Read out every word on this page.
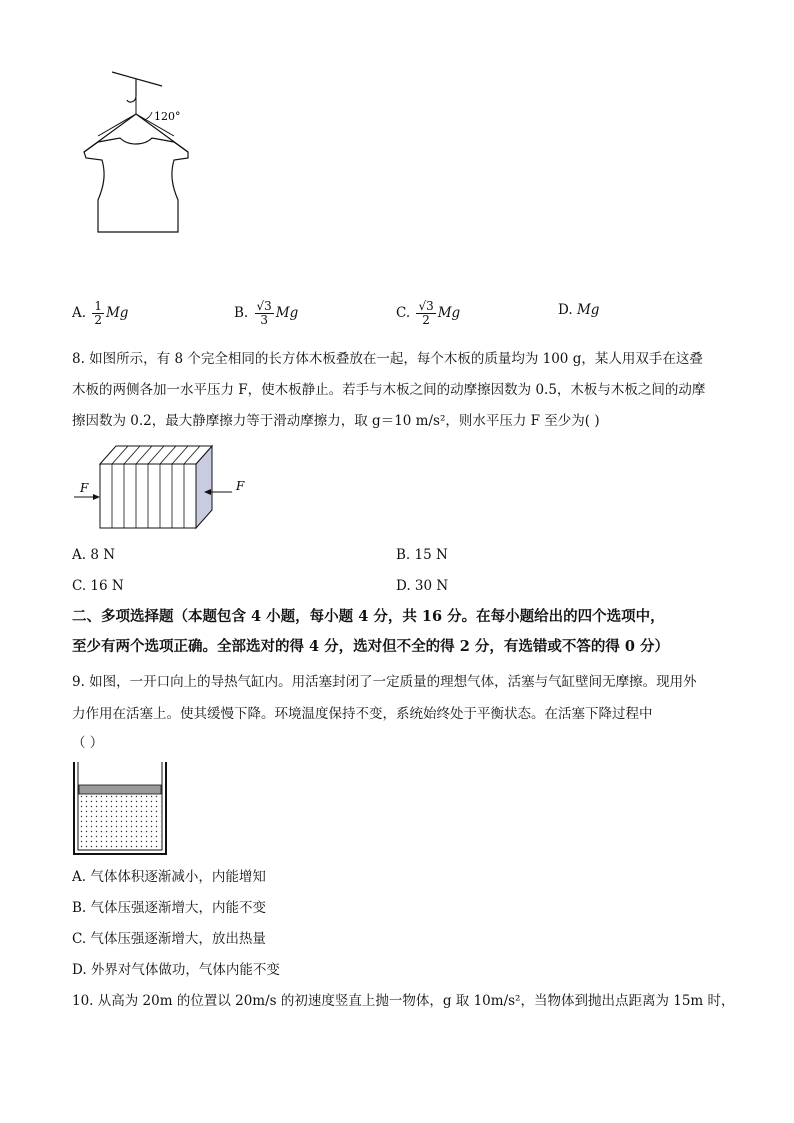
120°
A. $\frac{1}{2}$ Mg	B. $\frac{√3}{3}$ Mg	C. $\frac{√3}{2}$ Mg	D. Mg
8. 如图所示，有 8 个完全相同的长方体木板叠放在一起，每个木板的质量均为 100 g，某人用双手在这叠
木板的两侧各加一水平压力 F，使木板静止。若手与木板之间的动摩擦因数为 0.5，木板与木板之间的动摩
擦因数为 0.2，最大静摩擦力等于滑动摩擦力，取 g＝10 m/s²，则水平压力 F 至少为( )
F	F
A. 8 N	B. 15 N
C. 16 N	D. 30 N
二、多项选择题（本题包含 4 小题，每小题 4 分，共 16 分。在每小题给出的四个选项中，
至少有两个选项正确。全部选对的得 4 分，选对但不全的得 2 分，有选错或不答的得 0 分）
9. 如图，一开口向上的导热气缸内。用活塞封闭了一定质量的理想气体，活塞与气缸壁间无摩擦。现用外
力作用在活塞上。使其缓慢下降。环境温度保持不变，系统始终处于平衡状态。在活塞下降过程中
（ ）
A. 气体体积逐渐减小，内能增知
B. 气体压强逐渐增大，内能不变
C. 气体压强逐渐增大，放出热量
D. 外界对气体做功，气体内能不变
10. 从高为 20m 的位置以 20m/s 的初速度竖直上抛一物体，g 取 10m/s²，当物体到抛出点距离为 15m 时，
